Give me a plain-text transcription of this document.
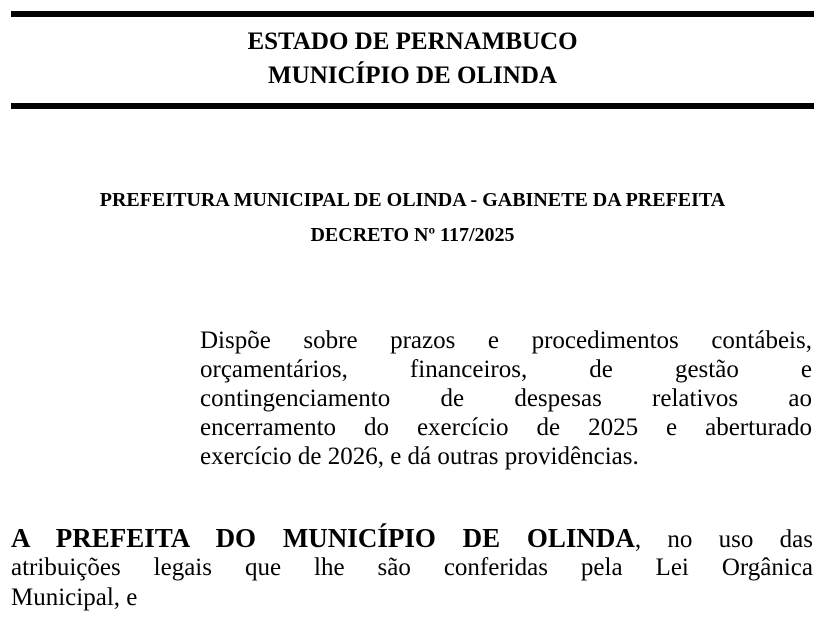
ESTADO DE PERNAMBUCO
MUNICÍPIO DE OLINDA
PREFEITURA MUNICIPAL DE OLINDA - GABINETE DA PREFEITA
DECRETO Nº 117/2025
Dispõe sobre prazos e procedimentos contábeis,
orçamentários, financeiros, de gestão e
contingenciamento de despesas relativos ao
encerramento do exercício de 2025 e aberturado
exercício de 2026, e dá outras providências.
A PREFEITA DO MUNICÍPIO DE OLINDA, no uso das
atribuições legais que lhe são conferidas pela Lei Orgânica
Municipal, e
